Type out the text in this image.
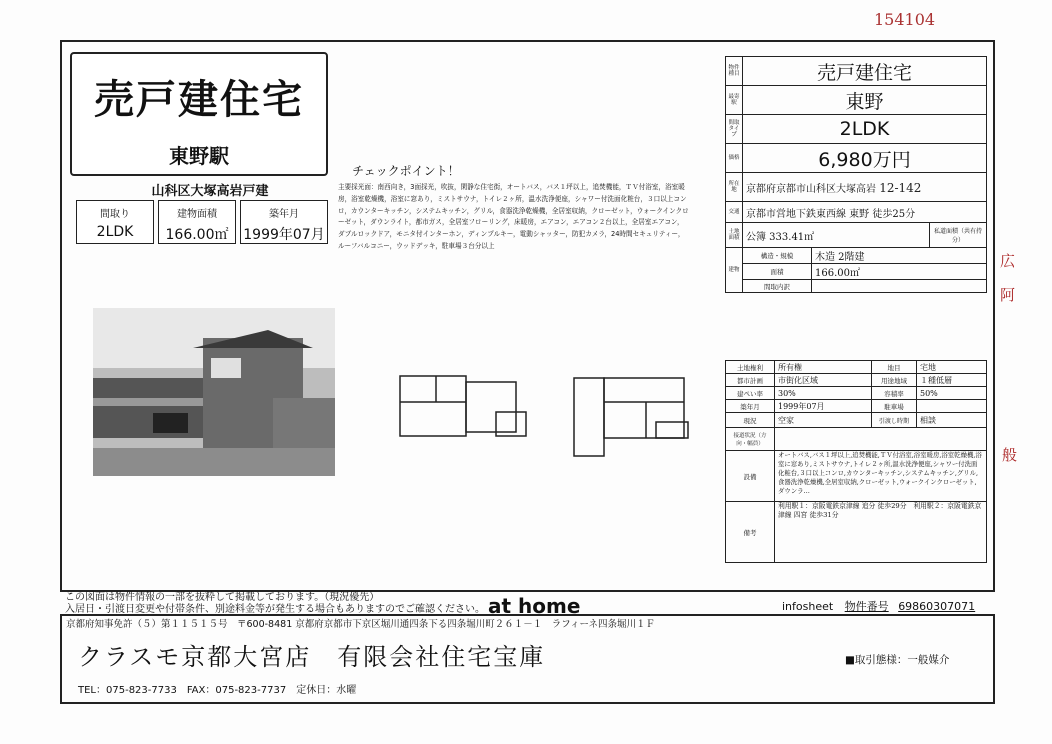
154104
売戸建住宅
東野駅
山科区大塚高岩戸建
間取り
2LDK
建物面積
166.00㎡
築年月
1999年07月
チェックポイント！
主要採光面：南西向き，3面採光，吹抜，閑静な住宅街，オートバス，バス１坪以上，追焚機能，ＴＶ付浴室，浴室暖房，浴室乾燥機，浴室に窓あり，ミストサウナ，トイレ２ヶ所，温水洗浄便座，シャワー付洗面化粧台，３口以上コンロ，カウンターキッチン，システムキッチン，グリル，食器洗浄乾燥機，全居室収納，クローゼット，ウォークインクローゼット，ダウンライト，都市ガス，全居室フローリング，床暖房，エアコン，エアコン２台以上，全居室エアコン，ダブルロックドア，モニタ付インターホン，ディンプルキー，電動シャッター，防犯カメラ，24時間セキュリティー，ルーフバルコニー，ウッドデッキ，駐車場３台分以上
物件種目	売戸建住宅		
最寄駅	東野		
間取タイプ	2LDK		
価格	6,980万円		
所在地	京都府京都市山科区大塚高岩 12-142		
交通	京都市営地下鉄東西線 東野 徒歩25分		
土地面積	公簿 333.41㎡		私道面積（共有持分）
建物	構造・規模	木造 2階建	
	面積	166.00㎡	
	間取内訳		
土地権利	所有権	地目	宅地
都市計画	市街化区域	用途地域	１種低層
建ぺい率	30%	容積率	50%
築年月	1999年07月	駐車場	
現況	空家	引渡し時期	相談
接道状況（方向・幅員）			
設備	オートバス,バス１坪以上,追焚機能,ＴＶ付浴室,浴室暖房,浴室乾燥機,浴室に窓あり,ミストサウナ,トイレ２ヶ所,温水洗浄便座,シャワー付洗面化粧台,３口以上コンロ,カウンターキッチン,システムキッチン,グリル,食器洗浄乾燥機,全居室収納,クローゼット,ウォークインクローゼット,ダウンラ…		
備考	利用駅１：京阪電鉄京津線 追分 徒歩29分　利用駅２：京阪電鉄京津線 四宮 徒歩31分		
広
阿
般
この図面は物件情報の一部を抜粋して掲載しております。（現況優先）
入居日・引渡日変更や付帯条件、別途料金等が発生する場合もありますのでご確認ください。 at home	infosheet 物件番号 69860307071
京都府知事免許（５）第１１５１５号　〒600-8481 京都府京都市下京区堀川通四条下る四条堀川町２６１－１　ラフィーネ四条堀川１Ｆ
クラスモ京都大宮店　有限会社住宅宝庫	■取引態様：一般媒介
TEL：075-823-7733　FAX：075-823-7737　定休日：水曜
